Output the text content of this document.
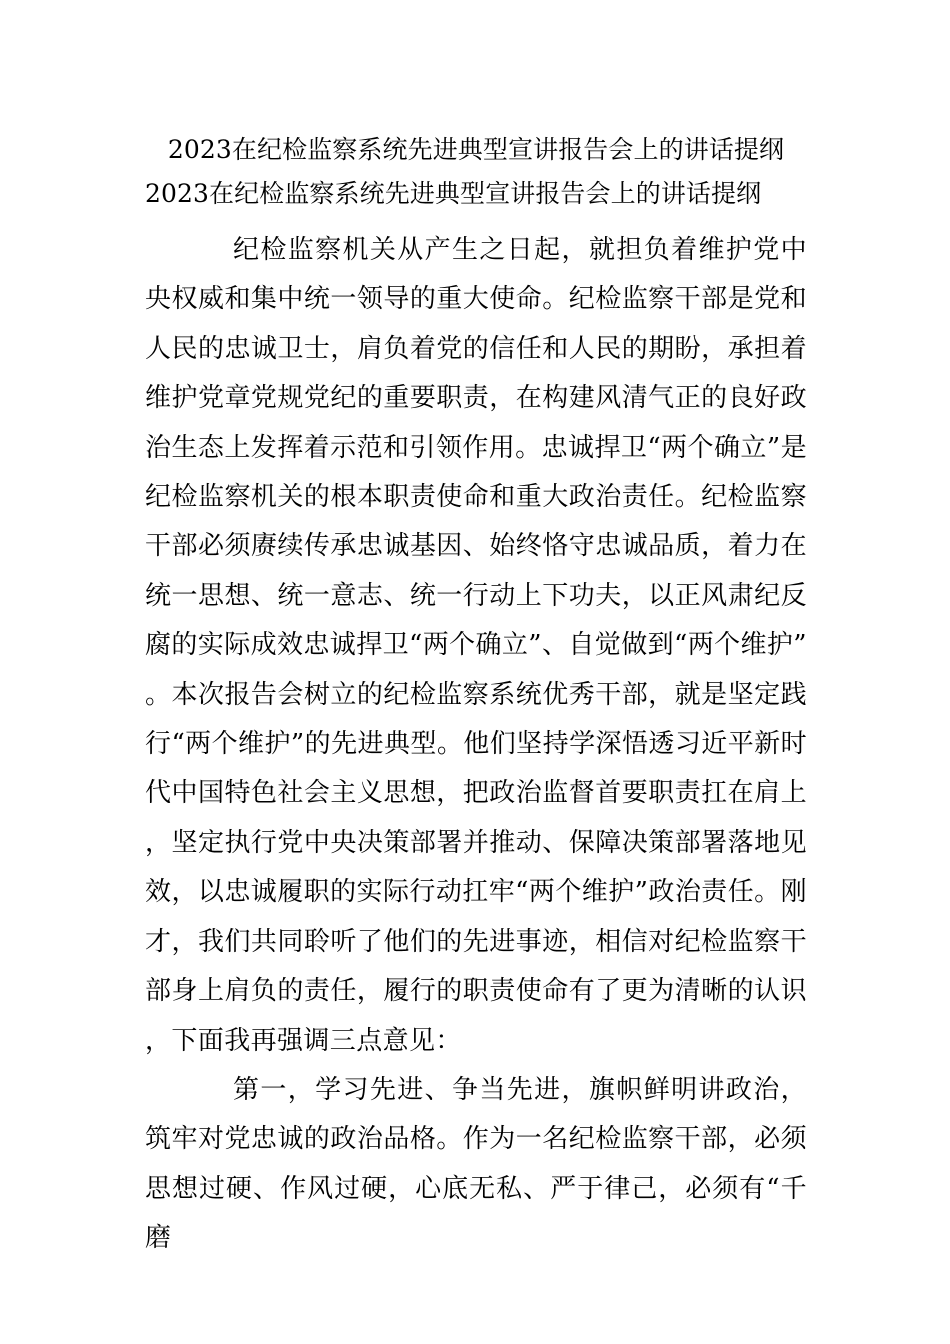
2023在纪检监察系统先进典型宣讲报告会上的讲话提纲
2023在纪检监察系统先进典型宣讲报告会上的讲话提纲

纪检监察机关从产生之日起，就担负着维护党中央权威和集中统一领导的重大使命。纪检监察干部是党和人民的忠诚卫士，肩负着党的信任和人民的期盼，承担着维护党章党规党纪的重要职责，在构建风清气正的良好政治生态上发挥着示范和引领作用。忠诚捍卫“两个确立”是纪检监察机关的根本职责使命和重大政治责任。纪检监察干部必须赓续传承忠诚基因、始终恪守忠诚品质，着力在统一思想、统一意志、统一行动上下功夫，以正风肃纪反腐的实际成效忠诚捍卫“两个确立”、自觉做到“两个维护”。本次报告会树立的纪检监察系统优秀干部，就是坚定践行“两个维护”的先进典型。他们坚持学深悟透习近平新时代中国特色社会主义思想，把政治监督首要职责扛在肩上，坚定执行党中央决策部署并推动、保障决策部署落地见效，以忠诚履职的实际行动扛牢“两个维护”政治责任。刚才，我们共同聆听了他们的先进事迹，相信对纪检监察干部身上肩负的责任，履行的职责使命有了更为清晰的认识，下面我再强调三点意见：

第一，学习先进、争当先进，旗帜鲜明讲政治，筑牢对党忠诚的政治品格。作为一名纪检监察干部，必须思想过硬、作风过硬，心底无私、严于律己，必须有“千磨
